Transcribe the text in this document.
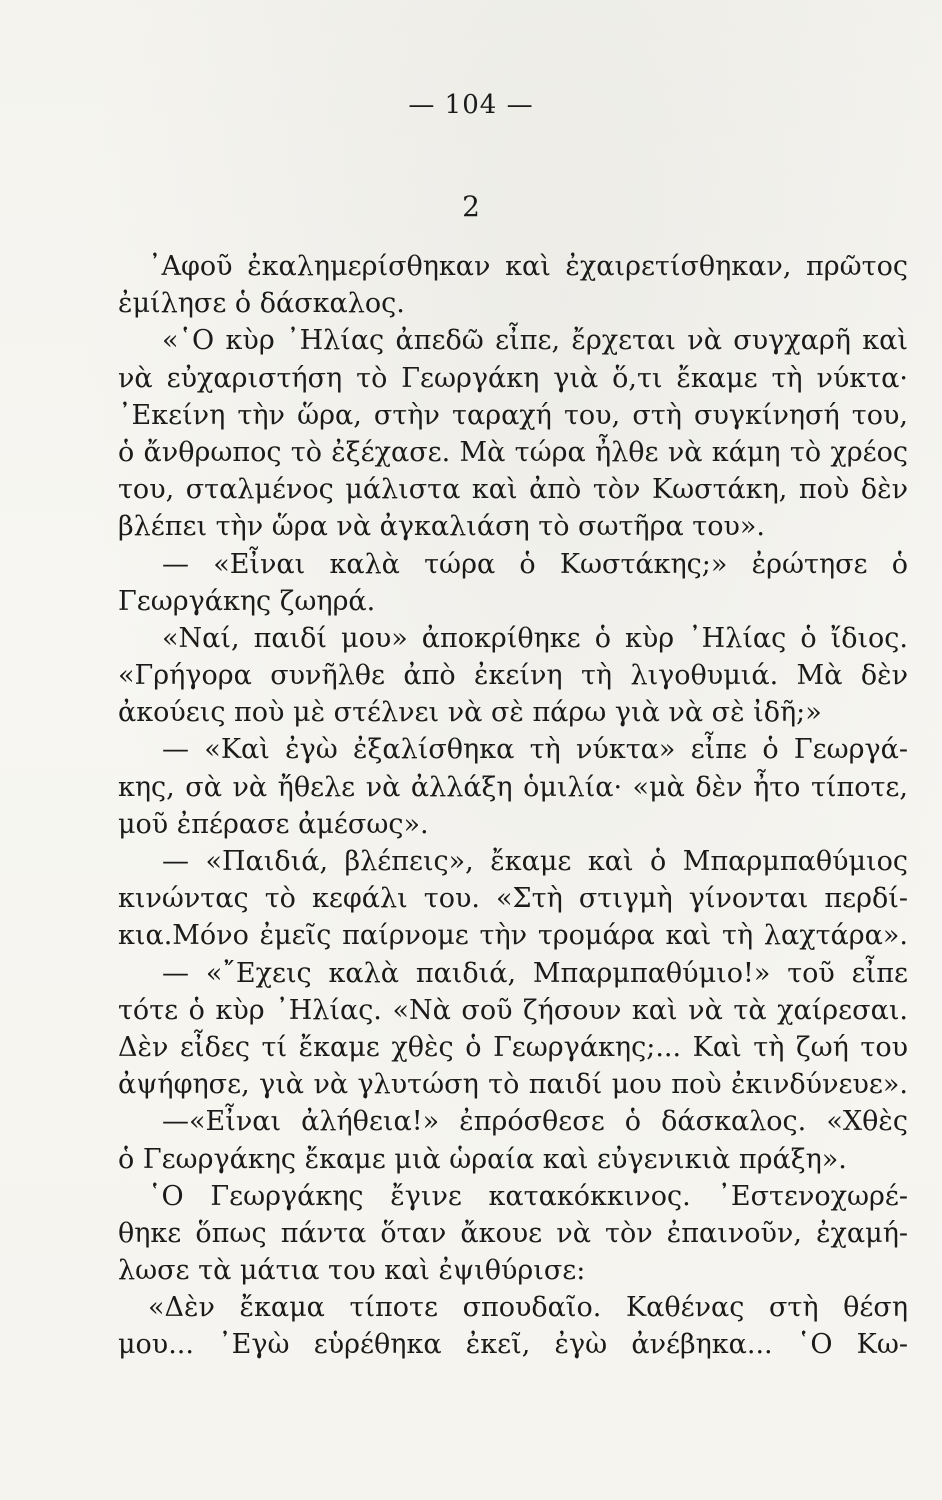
— 104 —
2
᾿Αφοῦ ἐκαλημερίσθηκαν καὶ ἐχαιρετίσθηκαν, πρῶτος
ἐμίλησε ὁ δάσκαλος.
«῾Ο κὺρ ᾿Ηλίας ἀπεδῶ εἶπε, ἔρχεται νὰ συγχαρῆ καὶ
νὰ εὐχαριστήση τὸ Γεωργάκη γιὰ ὅ,τι ἔκαμε τὴ νύκτα·
᾿Εκείνη τὴν ὥρα, στὴν ταραχή του, στὴ συγκίνησή του,
ὁ ἄνθρωπος τὸ ἐξέχασε. Μὰ τώρα ἦλθε νὰ κάμη τὸ χρέος
του, σταλμένος μάλιστα καὶ ἀπὸ τὸν Κωστάκη, ποὺ δὲν
βλέπει τὴν ὥρα νὰ ἀγκαλιάση τὸ σωτῆρα του».
— «Εἶναι καλὰ τώρα ὁ Κωστάκης;» ἐρώτησε ὁ
Γεωργάκης ζωηρά.
«Ναί, παιδί μου» ἀποκρίθηκε ὁ κὺρ ᾿Ηλίας ὁ ἴδιος.
«Γρήγορα συνῆλθε ἀπὸ ἐκείνη τὴ λιγοθυμιά. Μὰ δὲν
ἀκούεις ποὺ μὲ στέλνει νὰ σὲ πάρω γιὰ νὰ σὲ ἰδῆ;»
— «Καὶ ἐγὼ ἐξαλίσθηκα τὴ νύκτα» εἶπε ὁ Γεωργά-
κης, σὰ νὰ ἤθελε νὰ ἀλλάξη ὁμιλία· «μὰ δὲν ἦτο τίποτε,
μοῦ ἐπέρασε ἀμέσως».
— «Παιδιά, βλέπεις», ἔκαμε καὶ ὁ Μπαρμπαθύμιος
κινώντας τὸ κεφάλι του. «Στὴ στιγμὴ γίνονται περδί-
κια.Μόνο ἐμεῖς παίρνομε τὴν τρομάρα καὶ τὴ λαχτάρα».
— «῎Εχεις καλὰ παιδιά, Μπαρμπαθύμιο!» τοῦ εἶπε
τότε ὁ κὺρ ᾿Ηλίας. «Νὰ σοῦ ζήσουν καὶ νὰ τὰ χαίρεσαι.
Δὲν εἶδες τί ἔκαμε χθὲς ὁ Γεωργάκης;... Καὶ τὴ ζωή του
ἀψήφησε, γιὰ νὰ γλυτώση τὸ παιδί μου ποὺ ἐκινδύνευε».
—«Εἶναι ἀλήθεια!» ἐπρόσθεσε ὁ δάσκαλος. «Χθὲς
ὁ Γεωργάκης ἔκαμε μιὰ ὡραία καὶ εὐγενικιὰ πράξη».
῾Ο Γεωργάκης ἔγινε κατακόκκινος. ᾿Εστενοχωρέ-
θηκε ὅπως πάντα ὅταν ἄκουε νὰ τὸν ἐπαινοῦν, ἐχαμή-
λωσε τὰ μάτια του καὶ ἐψιθύρισε:
«Δὲν ἔκαμα τίποτε σπουδαῖο. Καθένας στὴ θέση
μου... ᾿Εγὼ εὑρέθηκα ἐκεῖ, ἐγὼ ἀνέβηκα... ῾Ο Κω-
